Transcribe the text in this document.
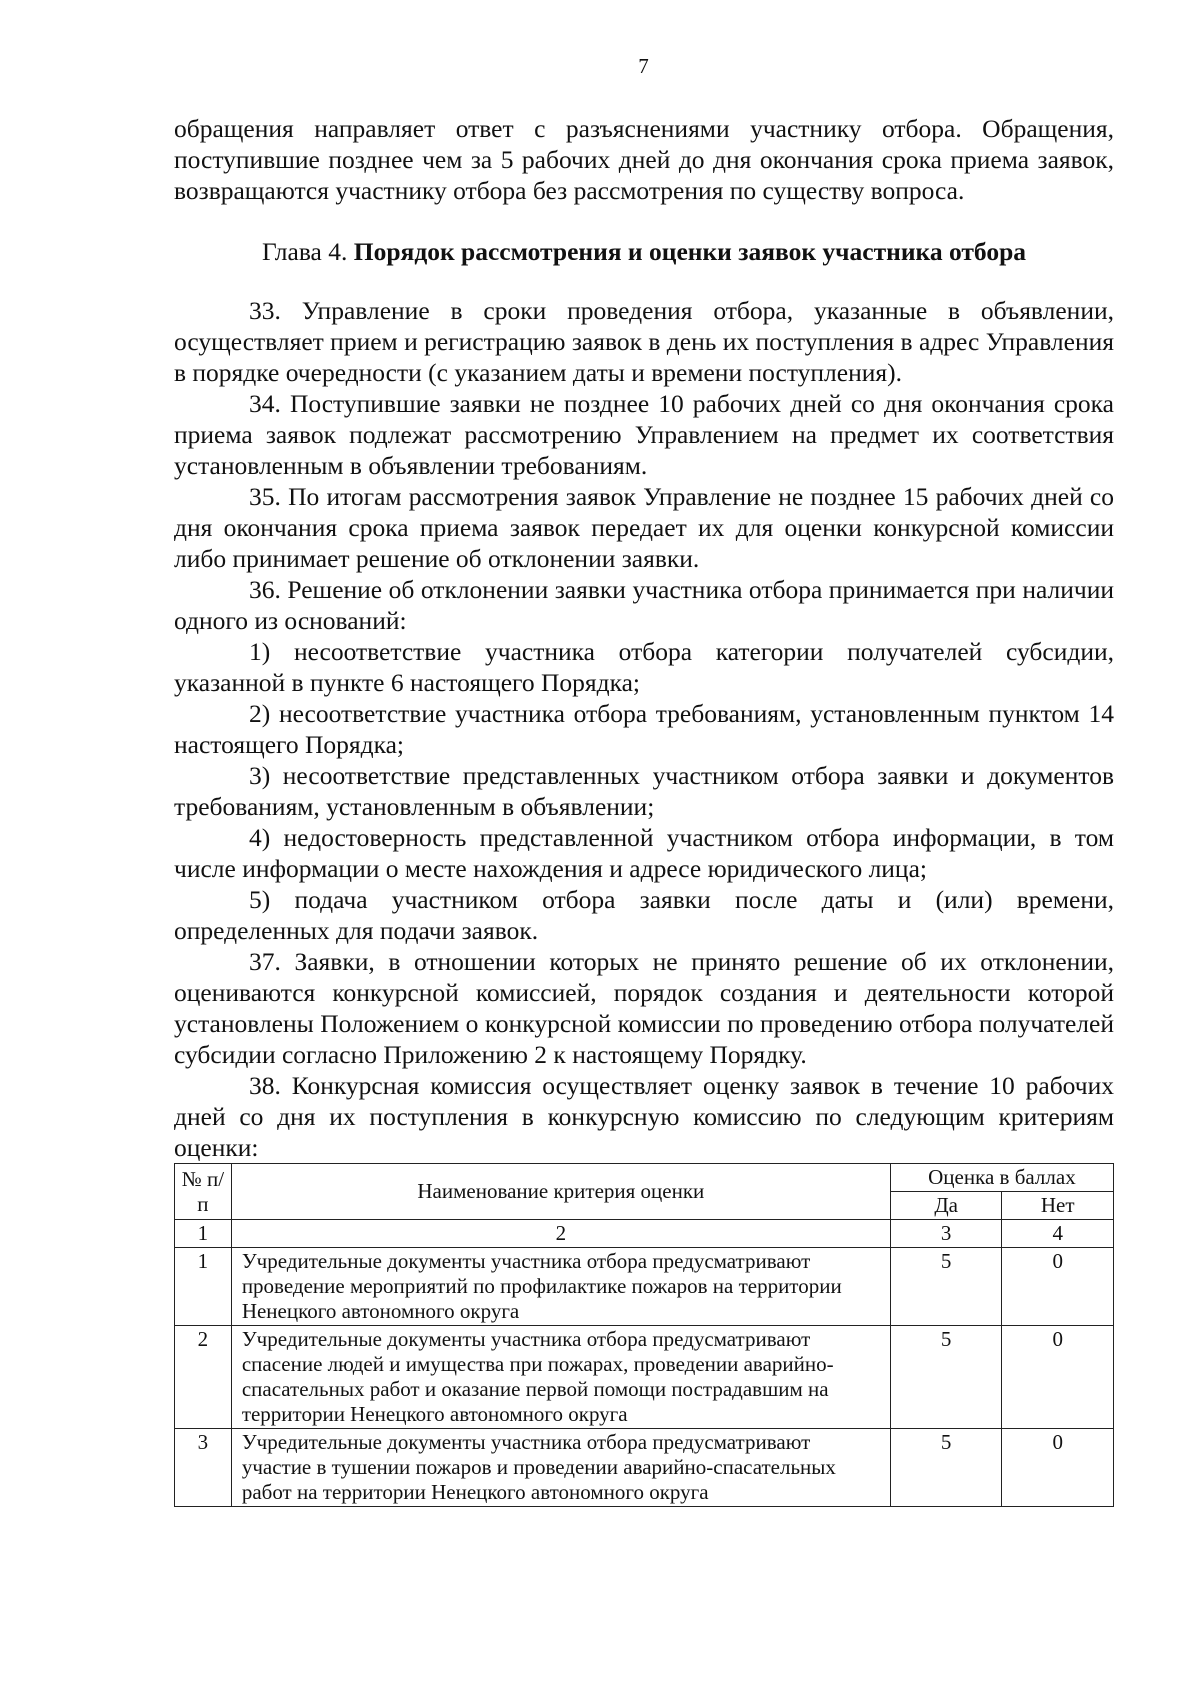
7

обращения направляет ответ с разъяснениями участнику отбора. Обращения, поступившие позднее чем за 5 рабочих дней до дня окончания срока приема заявок, возвращаются участнику отбора без рассмотрения по существу вопроса.

Глава 4. Порядок рассмотрения и оценки заявок участника отбора

33. Управление в сроки проведения отбора, указанные в объявлении, осуществляет прием и регистрацию заявок в день их поступления в адрес Управления в порядке очередности (с указанием даты и времени поступления).

34. Поступившие заявки не позднее 10 рабочих дней со дня окончания срока приема заявок подлежат рассмотрению Управлением на предмет их соответствия установленным в объявлении требованиям.

35. По итогам рассмотрения заявок Управление не позднее 15 рабочих дней со дня окончания срока приема заявок передает их для оценки конкурсной комиссии либо принимает решение об отклонении заявки.

36. Решение об отклонении заявки участника отбора принимается при наличии одного из оснований:

1) несоответствие участника отбора категории получателей субсидии, указанной в пункте 6 настоящего Порядка;

2) несоответствие участника отбора требованиям, установленным пунктом 14 настоящего Порядка;

3) несоответствие представленных участником отбора заявки и документов требованиям, установленным в объявлении;

4) недостоверность представленной участником отбора информации, в том числе информации о месте нахождения и адресе юридического лица;

5) подача участником отбора заявки после даты и (или) времени, определенных для подачи заявок.

37. Заявки, в отношении которых не принято решение об их отклонении, оцениваются конкурсной комиссией, порядок создания и деятельности которой установлены Положением о конкурсной комиссии по проведению отбора получателей субсидии согласно Приложению 2 к настоящему Порядку.

38. Конкурсная комиссия осуществляет оценку заявок в течение 10 рабочих дней со дня их поступления в конкурсную комиссию по следующим критериям оценки:

№ п/п	Наименование критерия оценки	Оценка в баллах	
		Да	Нет
1	2	3	4
1	Учредительные документы участника отбора предусматривают проведение мероприятий по профилактике пожаров на территории Ненецкого автономного округа	5	0
2	Учредительные документы участника отбора предусматривают спасение людей и имущества при пожарах, проведении аварийно-спасательных работ и оказание первой помощи пострадавшим на территории Ненецкого автономного округа	5	0
3	Учредительные документы участника отбора предусматривают участие в тушении пожаров и проведении аварийно-спасательных работ на территории Ненецкого автономного округа	5	0
